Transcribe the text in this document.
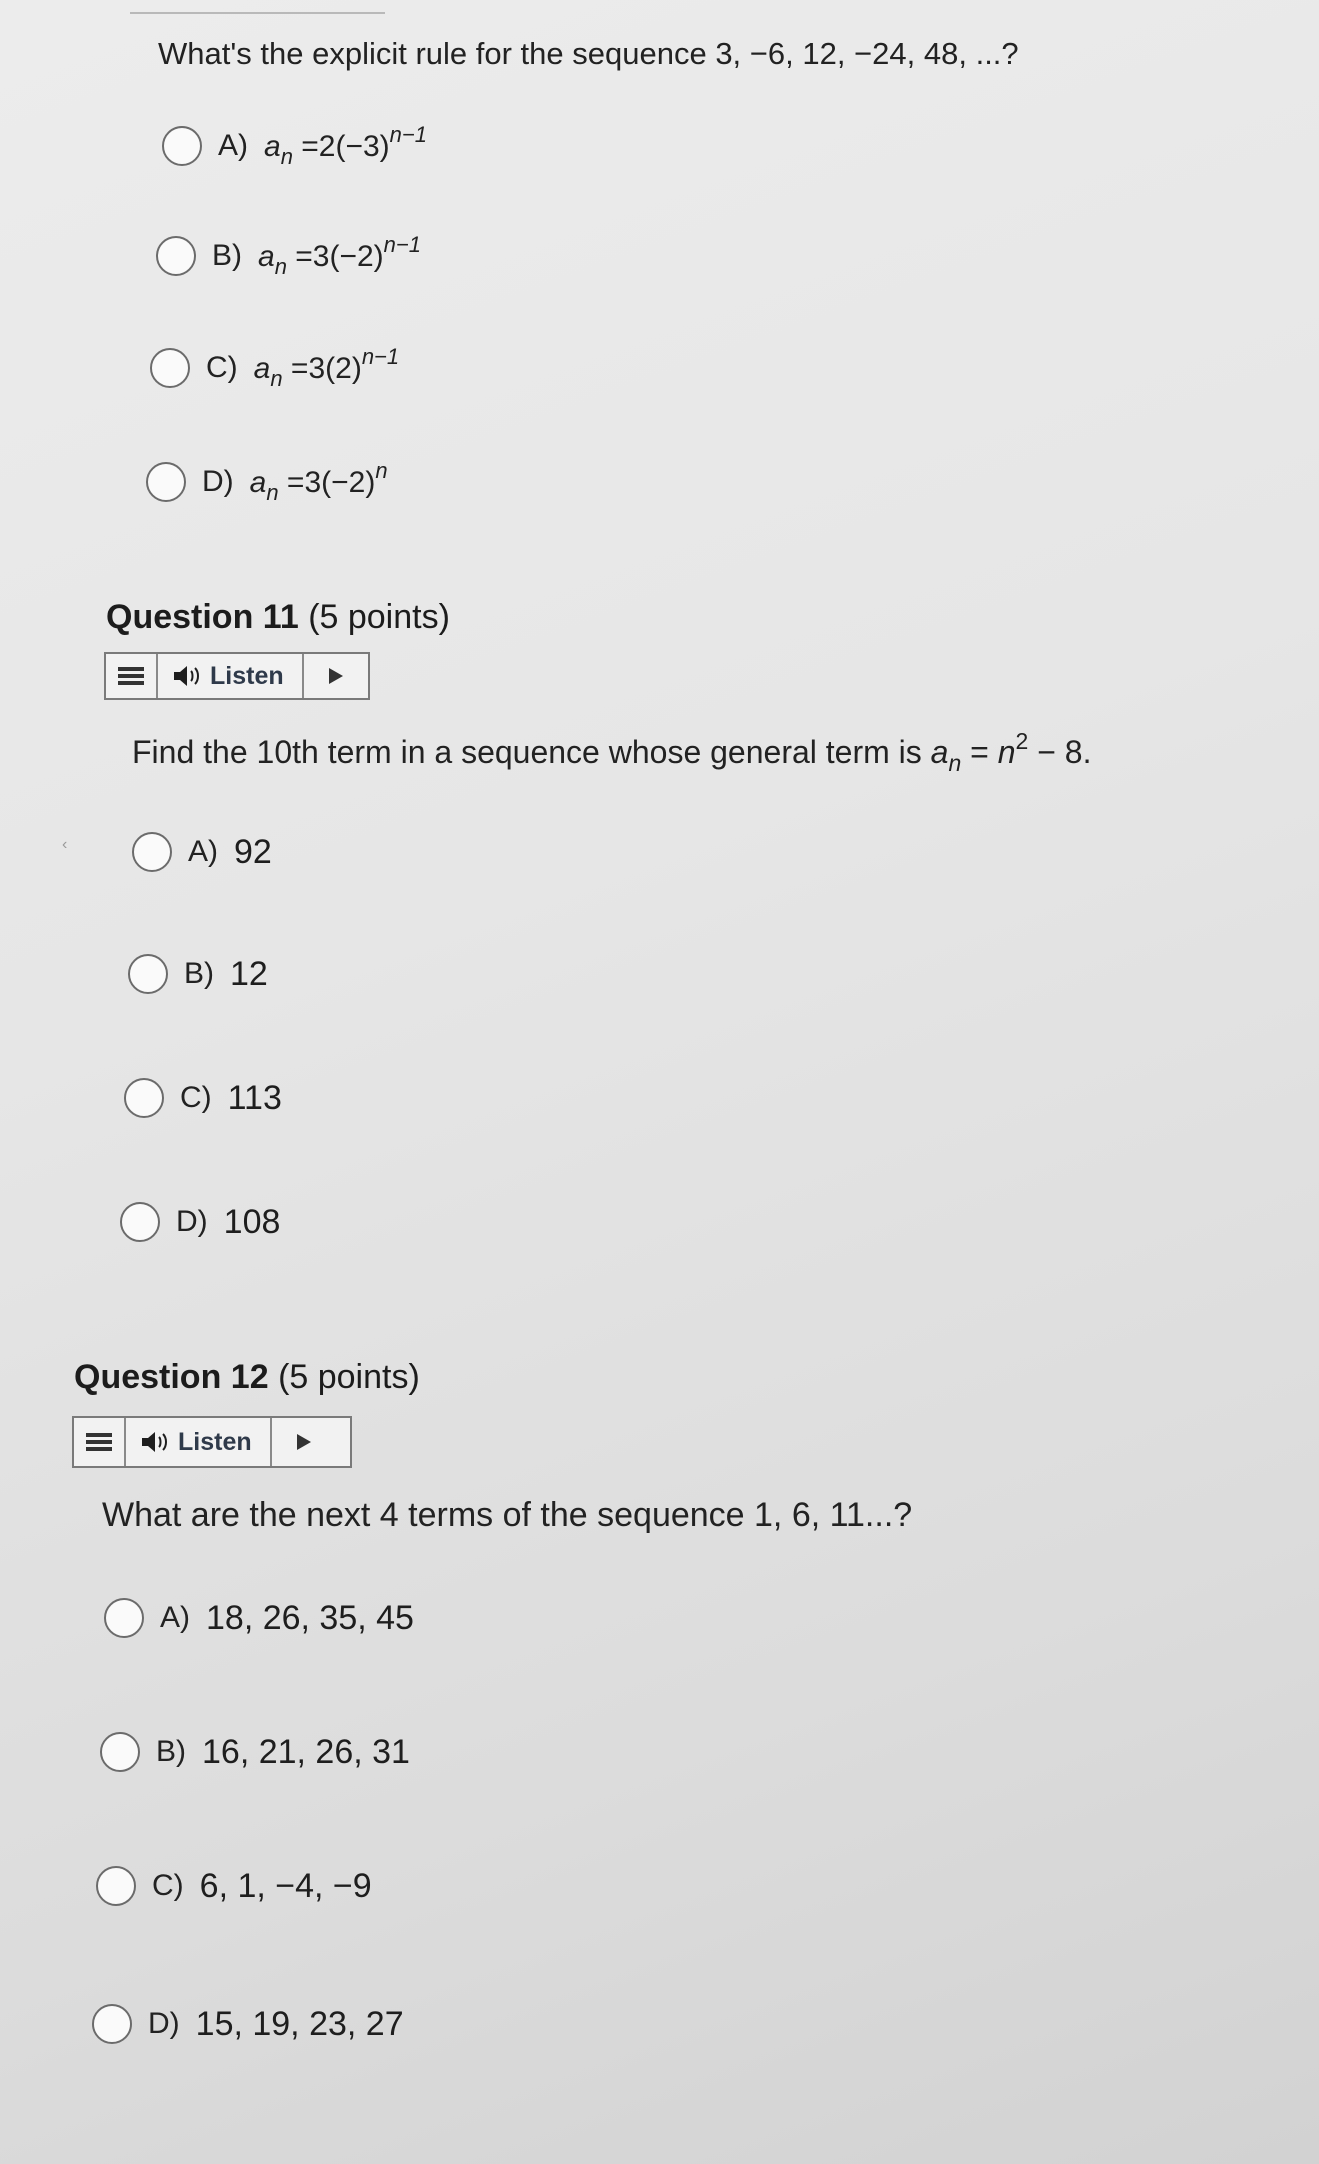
What's the explicit rule for the sequence 3, −6, 12, −24, 48, ...?
A) $a_n =2(-3)^{n-1}$
B) $a_n =3(-2)^{n-1}$
C) $a_n =3(2)^{n-1}$
D) $a_n =3(-2)^n$
Question 11 (5 points)
Listen
Find the 10th term in a sequence whose general term is $a_n = n^2 - 8$.
‹	A) 92
B) 12
C) 113
D) 108
Question 12 (5 points)
Listen
What are the next 4 terms of the sequence 1, 6, 11...?
A) 18, 26, 35, 45
B) 16, 21, 26, 31
C) 6, 1, −4, −9
D) 15, 19, 23, 27
